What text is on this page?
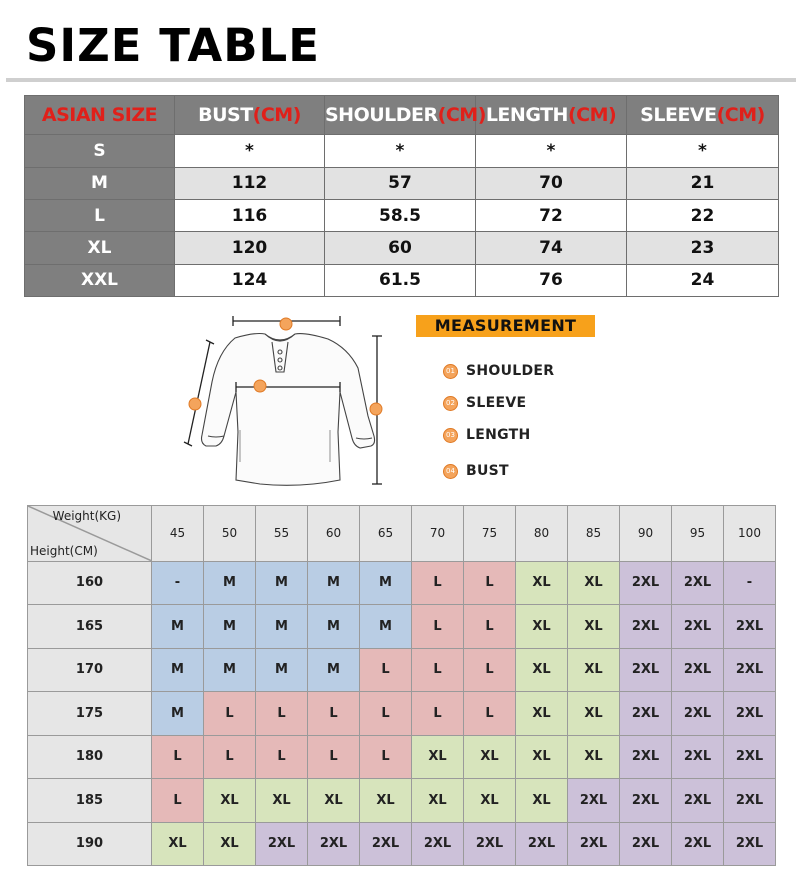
SIZE TABLE
ASIAN SIZE	BUST(CM)	SHOULDER(CM)	LENGTH(CM)	SLEEVE(CM)
S	*	*	*	*
M	112	57	70	21
L	116	58.5	72	22
XL	120	60	74	23
XXL	124	61.5	76	24
MEASUREMENT
01 SHOULDER
02 SLEEVE
03 LENGTH
04 BUST
Weight(KG)
Height(CM)	45	50	55	60	65	70	75	80	85	90	95	100
160	-	M	M	M	M	L	L	XL	XL	2XL	2XL	-
165	M	M	M	M	M	L	L	XL	XL	2XL	2XL	2XL
170	M	M	M	M	L	L	L	XL	XL	2XL	2XL	2XL
175	M	L	L	L	L	L	L	XL	XL	2XL	2XL	2XL
180	L	L	L	L	L	XL	XL	XL	XL	2XL	2XL	2XL
185	L	XL	XL	XL	XL	XL	XL	XL	2XL	2XL	2XL	2XL
190	XL	XL	2XL	2XL	2XL	2XL	2XL	2XL	2XL	2XL	2XL	2XL
